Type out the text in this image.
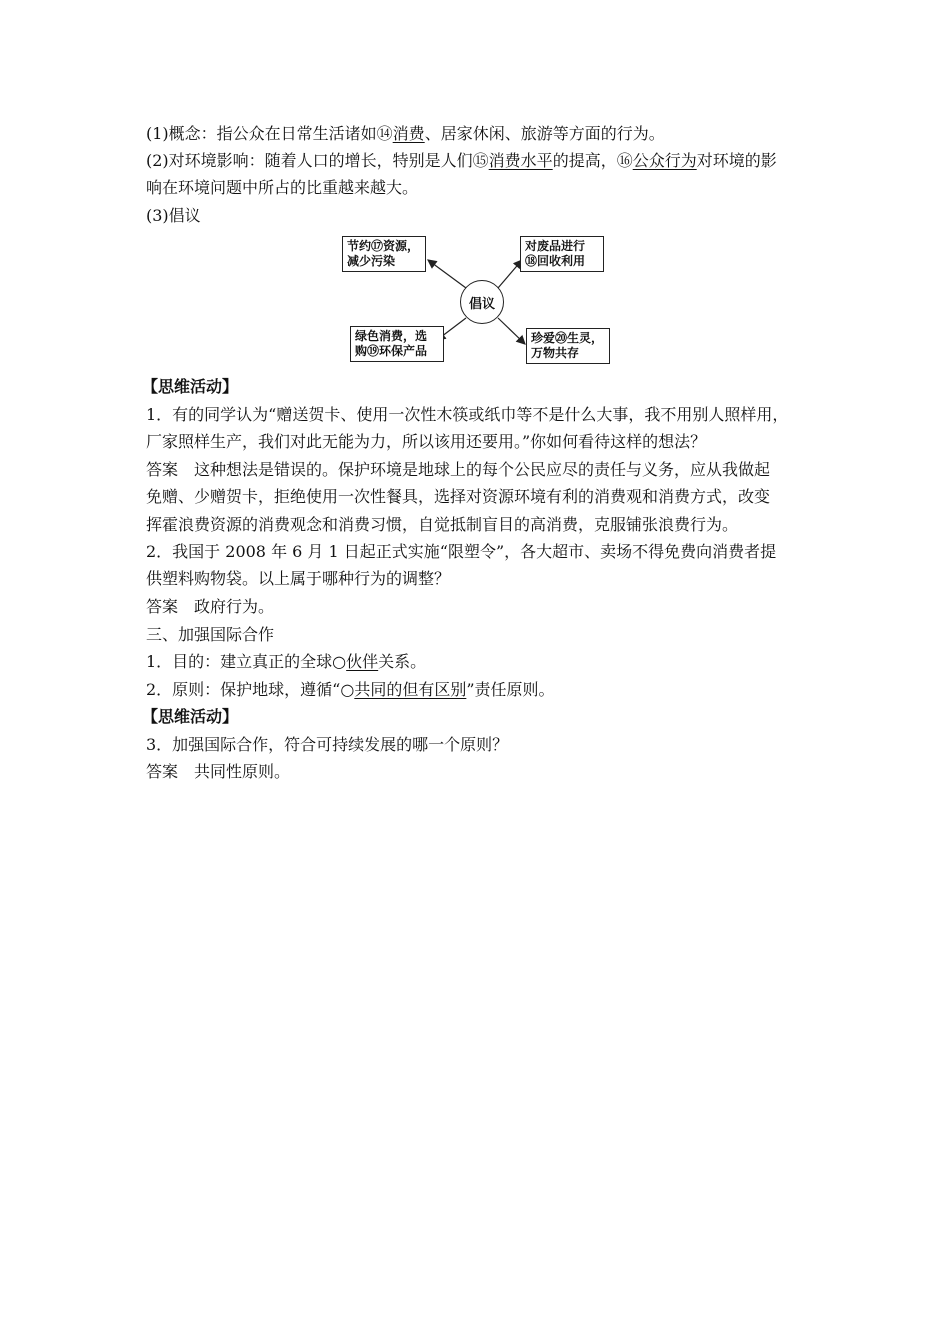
(1)概念：指公众在日常生活诸如⑭消费、居家休闲、旅游等方面的行为。
(2)对环境影响：随着人口的增长，特别是人们⑮消费水平的提高，⑯公众行为对环境的影
响在环境问题中所占的比重越来越大。
(3)倡议
倡议
节约⑰资源，
减少污染
对废品进行
⑱回收利用
绿色消费，选
购⑲环保产品
珍爱⑳生灵，
万物共存
【思维活动】
1．有的同学认为“赠送贺卡、使用一次性木筷或纸巾等不是什么大事，我不用别人照样用，
厂家照样生产，我们对此无能为力，所以该用还要用。”你如何看待这样的想法？
答案　这种想法是错误的。保护环境是地球上的每个公民应尽的责任与义务，应从我做起
免赠、少赠贺卡，拒绝使用一次性餐具，选择对资源环境有利的消费观和消费方式，改变
挥霍浪费资源的消费观念和消费习惯，自觉抵制盲目的高消费，克服铺张浪费行为。
2．我国于 2008 年 6 月 1 日起正式实施“限塑令”，各大超市、卖场不得免费向消费者提
供塑料购物袋。以上属于哪种行为的调整？
答案　政府行为。
三、加强国际合作
1．目的：建立真正的全球○伙伴关系。
2．原则：保护地球，遵循“○共同的但有区别”责任原则。
【思维活动】
3．加强国际合作，符合可持续发展的哪一个原则？
答案　共同性原则。
